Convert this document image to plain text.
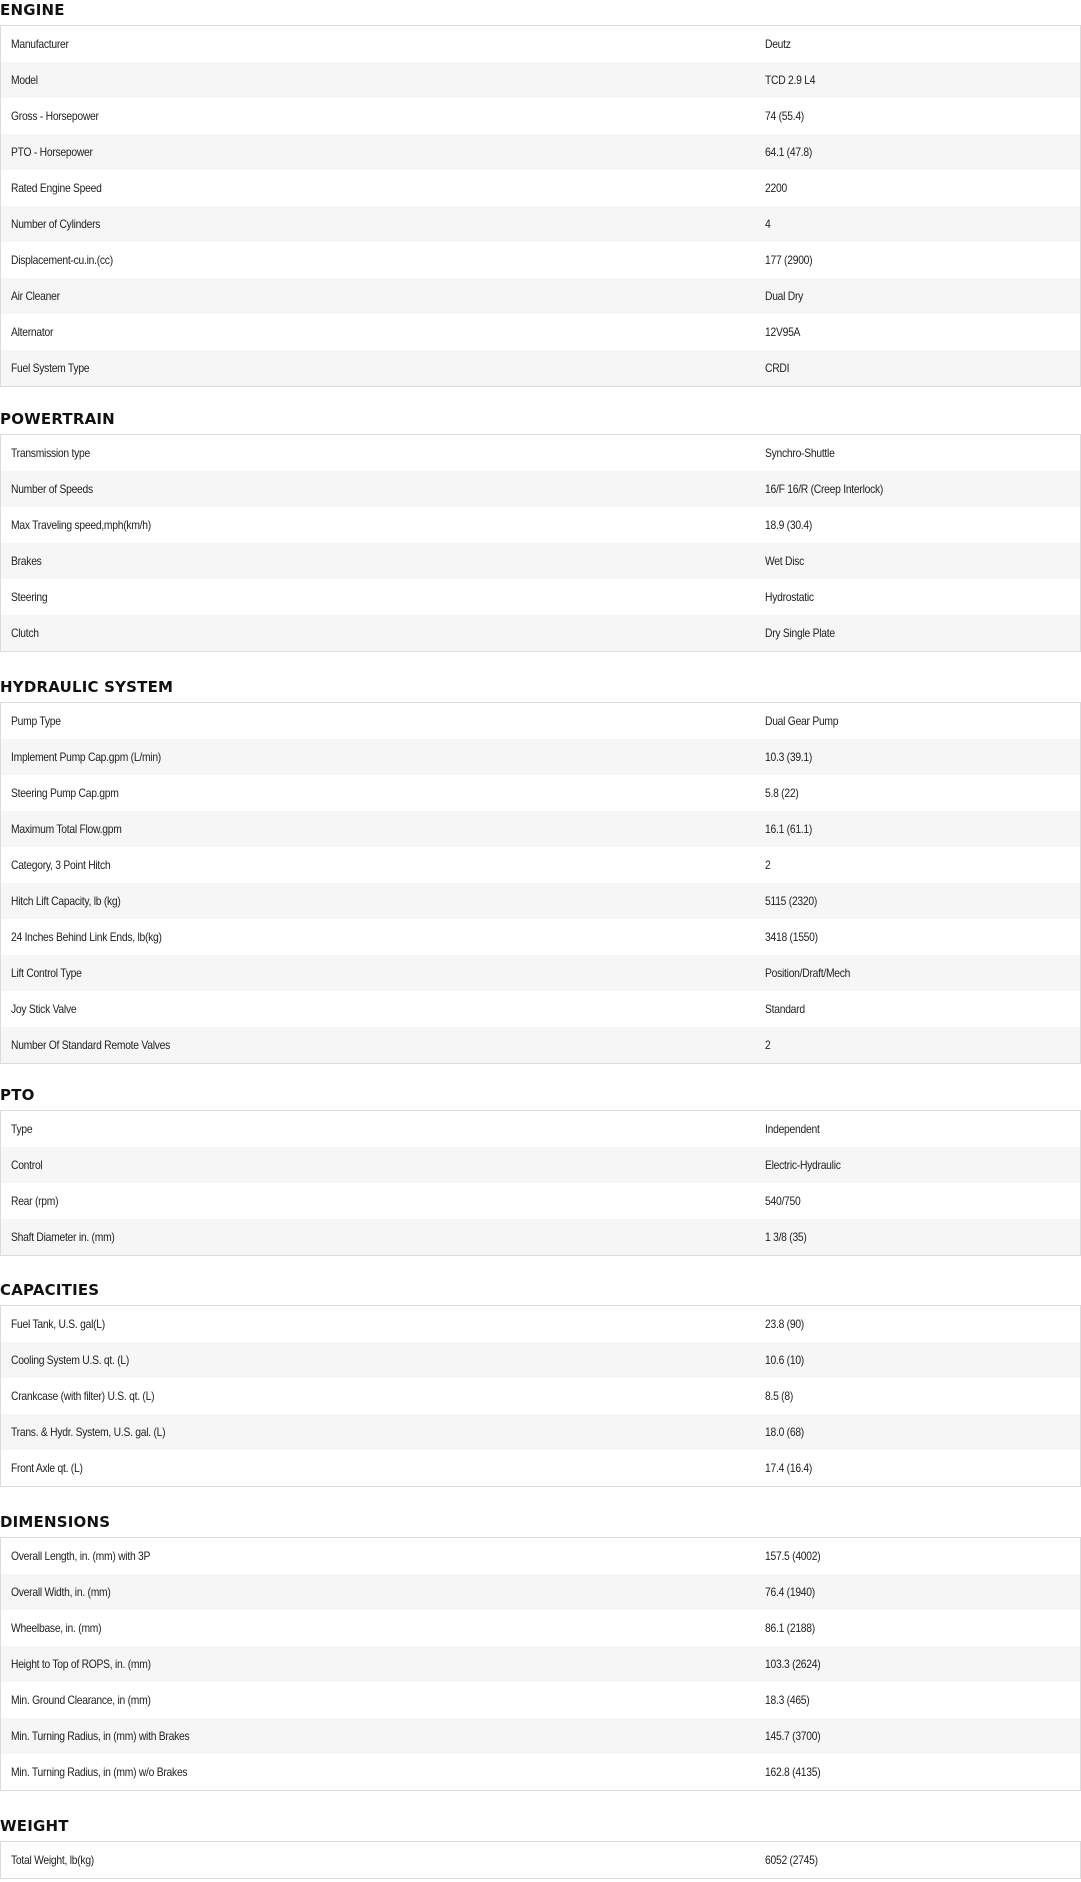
ENGINE
Manufacturer	Deutz
Model	TCD 2.9 L4
Gross - Horsepower	74 (55.4)
PTO - Horsepower	64.1 (47.8)
Rated Engine Speed	2200
Number of Cylinders	4
Displacement-cu.in.(cc)	177 (2900)
Air Cleaner	Dual Dry
Alternator	12V95A
Fuel System Type	CRDI
POWERTRAIN
Transmission type	Synchro-Shuttle
Number of Speeds	16/F 16/R (Creep Interlock)
Max Traveling speed,mph(km/h)	18.9 (30.4)
Brakes	Wet Disc
Steering	Hydrostatic
Clutch	Dry Single Plate
HYDRAULIC SYSTEM
Pump Type	Dual Gear Pump
Implement Pump Cap.gpm (L/min)	10.3 (39.1)
Steering Pump Cap.gpm	5.8 (22)
Maximum Total Flow.gpm	16.1 (61.1)
Category, 3 Point Hitch	2
Hitch Lift Capacity, lb (kg)	5115 (2320)
24 Inches Behind Link Ends, lb(kg)	3418 (1550)
Lift Control Type	Position/Draft/Mech
Joy Stick Valve	Standard
Number Of Standard Remote Valves	2
PTO
Type	Independent
Control	Electric-Hydraulic
Rear (rpm)	540/750
Shaft Diameter in. (mm)	1 3/8 (35)
CAPACITIES
Fuel Tank, U.S. gal(L)	23.8 (90)
Cooling System U.S. qt. (L)	10.6 (10)
Crankcase (with filter) U.S. qt. (L)	8.5 (8)
Trans. & Hydr. System, U.S. gal. (L)	18.0 (68)
Front Axle qt. (L)	17.4 (16.4)
DIMENSIONS
Overall Length, in. (mm) with 3P	157.5 (4002)
Overall Width, in. (mm)	76.4 (1940)
Wheelbase, in. (mm)	86.1 (2188)
Height to Top of ROPS, in. (mm)	103.3 (2624)
Min. Ground Clearance, in (mm)	18.3 (465)
Min. Turning Radius, in (mm) with Brakes	145.7 (3700)
Min. Turning Radius, in (mm) w/o Brakes	162.8 (4135)
WEIGHT
Total Weight, lb(kg)	6052 (2745)
